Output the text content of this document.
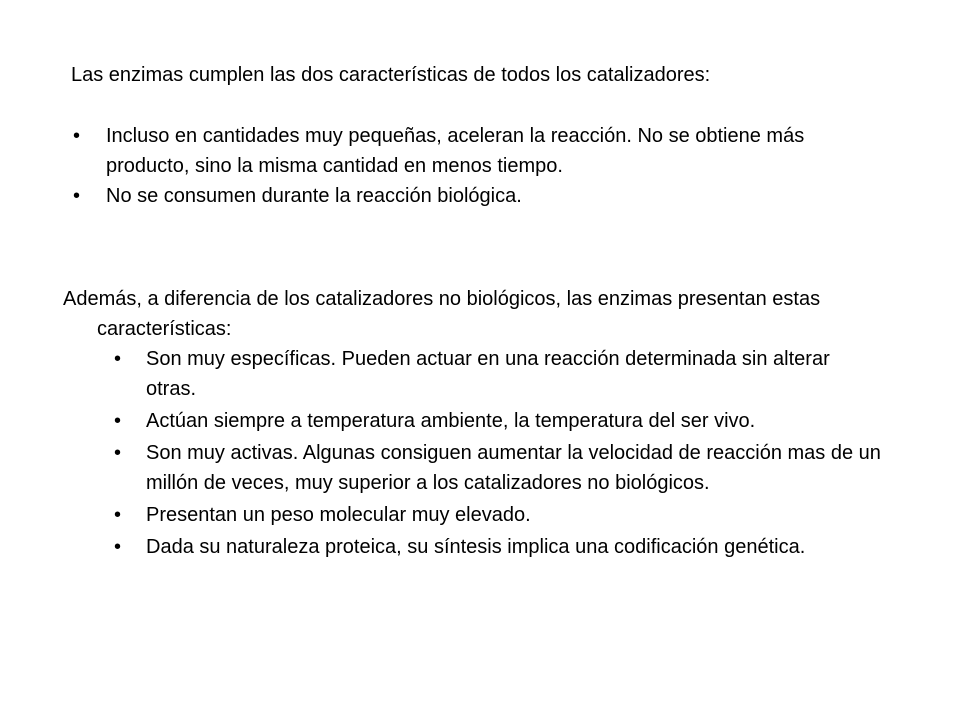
Las enzimas cumplen las dos características de todos los catalizadores:

• Incluso en cantidades muy pequeñas, aceleran la reacción. No se obtiene más producto, sino la misma cantidad en menos tiempo.
• No se consumen durante la reacción biológica.

Además, a diferencia de los catalizadores no biológicos, las enzimas presentan estas características:

• Son muy específicas. Pueden actuar en una reacción determinada sin alterar otras.
• Actúan siempre a temperatura ambiente, la temperatura del ser vivo.
• Son muy activas. Algunas consiguen aumentar la velocidad de reacción mas de un millón de veces, muy superior a los catalizadores no biológicos.
• Presentan un peso molecular muy elevado.
• Dada su naturaleza proteica, su síntesis implica una codificación genética.
